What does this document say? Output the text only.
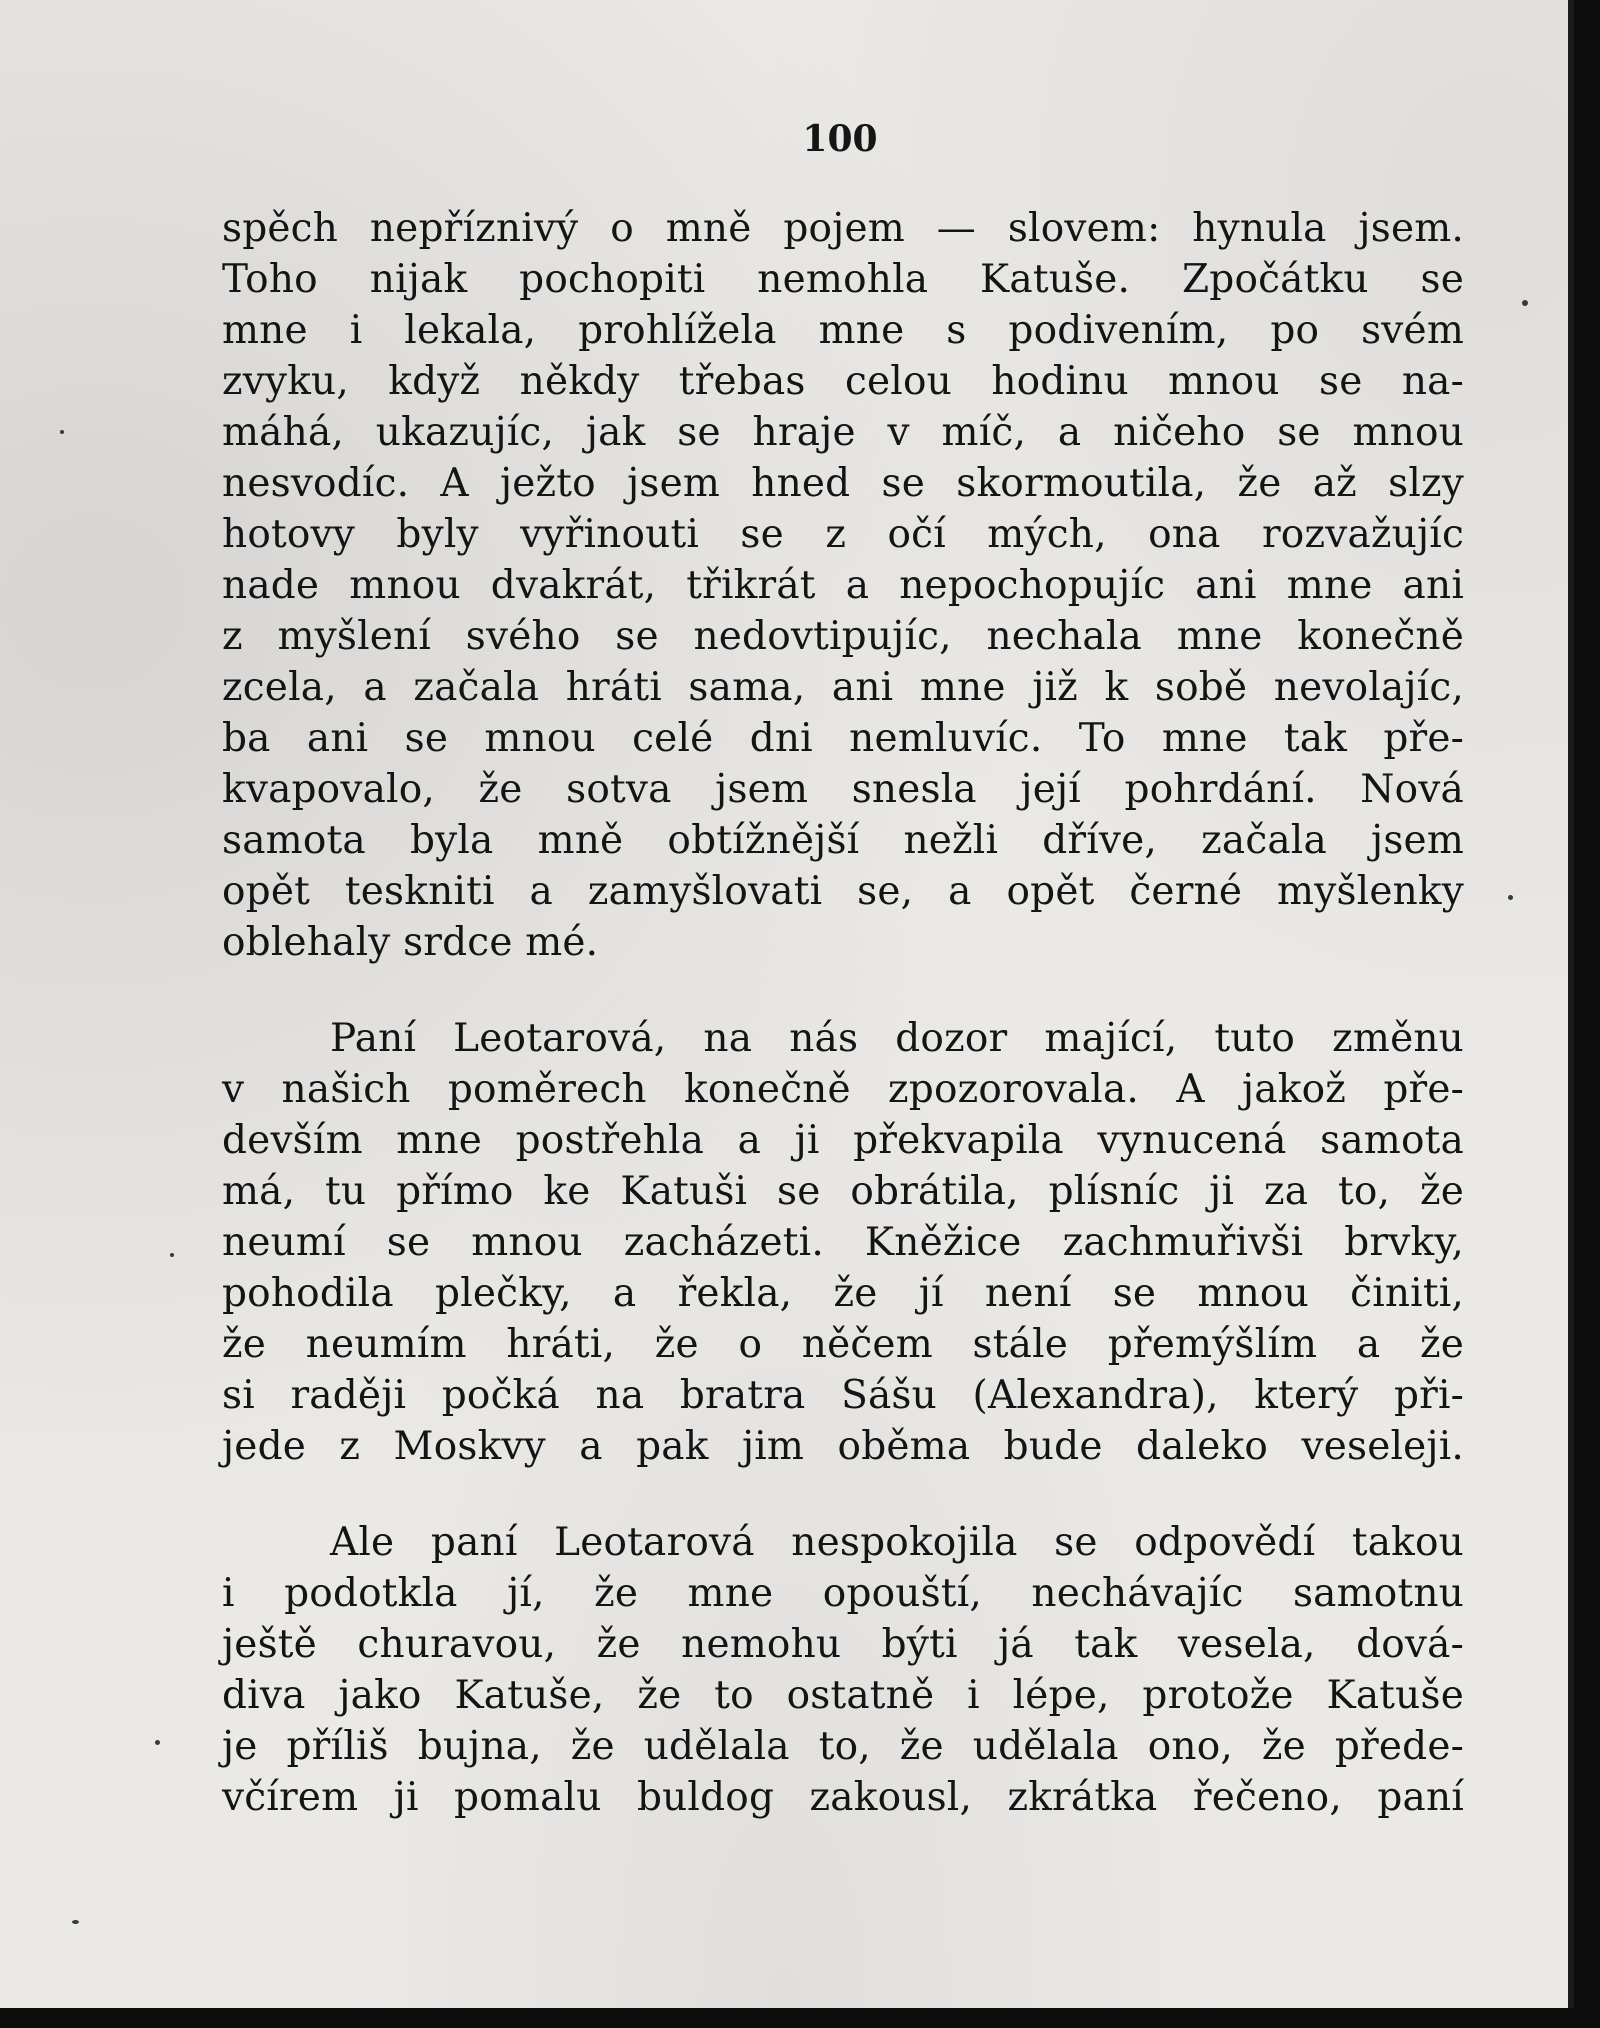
100
spěch nepříznivý o mně pojem — slovem: hynula jsem.
Toho nijak pochopiti nemohla Katuše. Zpočátku se
mne i lekala, prohlížela mne s podivením, po svém
zvyku, když někdy třebas celou hodinu mnou se na-
máhá, ukazujíc, jak se hraje v míč, a ničeho se mnou
nesvodíc. A ježto jsem hned se skormoutila, že až slzy
hotovy byly vyřinouti se z očí mých, ona rozvažujíc
nade mnou dvakrát, třikrát a nepochopujíc ani mne ani
z myšlení svého se nedovtipujíc, nechala mne konečně
zcela, a začala hráti sama, ani mne již k sobě nevolajíc,
ba ani se mnou celé dni nemluvíc. To mne tak pře-
kvapovalo, že sotva jsem snesla její pohrdání. Nová
samota byla mně obtížnější nežli dříve, začala jsem
opět teskniti a zamyšlovati se, a opět černé myšlenky
oblehaly srdce mé.
Paní Leotarová, na nás dozor mající, tuto změnu
v našich poměrech konečně zpozorovala. A jakož pře-
devším mne postřehla a ji překvapila vynucená samota
má, tu přímo ke Katuši se obrátila, plísníc ji za to, že
neumí se mnou zacházeti. Kněžice zachmuřivši brvky,
pohodila plečky, a řekla, že jí není se mnou činiti,
že neumím hráti, že o něčem stále přemýšlím a že
si raději počká na bratra Sášu (Alexandra), který při-
jede z Moskvy a pak jim oběma bude daleko veseleji.
Ale paní Leotarová nespokojila se odpovědí takou
i podotkla jí, že mne opouští, nechávajíc samotnu
ještě churavou, že nemohu býti já tak vesela, dová-
diva jako Katuše, že to ostatně i lépe, protože Katuše
je příliš bujna, že udělala to, že udělala ono, že přede-
včírem ji pomalu buldog zakousl, zkrátka řečeno, paní
